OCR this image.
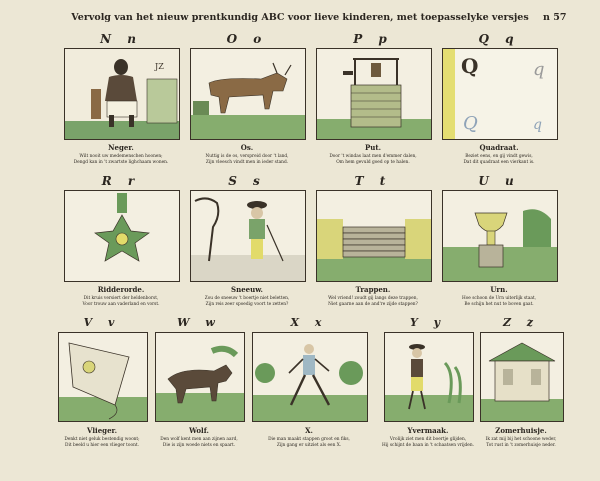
Vervolg van het nieuw prentkundig ABC voor lieve kinderen, met toepasselyke versjes	n 57
N n
JZ
Neger.
Wilt nooit uw medemenschen hoonen;
Dengd kan in 't zwartste lighchaam wonen.
O o
Os.
Nuttig is de os, verspreid door 't land,
Zijn vleesch vindt men in ieder stand.
P p
Put.
Door 't windas laat men d'emmer dalen,
Om hem gevuld goed op te halen.
Q q
Q	q
Q	q
Quadraat.
Beziet eens, en gij vindt gewis,
Dat dit quadraat een vierkant is.
R r
Ridderorde.
Dit kruis versiert der heldenborst,
Voor trouw aan vaderland en vorst.
S s
Sneeuw.
Zou de sneeuw 't boertje niet beletten,
Zijn reis zeer spoedig voort te zetten?
T t
Trappen.
Wel vriend! zoudt gij langs deze trappen,
Niet gaarne aan de and're zijde stappen?
U u
Urn.
Hoe schoon de Urn uiterlijk staat,
Be schijn het nut te boven gaat.
V v
Vlieger.
Denkt niet geluk bestendig woont;
Dit beeld u hier een vlieger toont.
W w
Wolf.
Den wolf kent men aan zijnen aard,
Die is zijn woede niets en spaart.
X x
X.
Die man maakt stappen groot en fiks,
Zijn gang er uitziet als een X.
Y y
Yvermaak.
Vrolijk ziet men dit boertje glijden,
Hij schijnt de baan in 't schaatsen vrijden.
Z z
Zomerhuisje.
Ik zat mij bij het schoone weder,
Tot rust in 't zomerhuisje neder.
